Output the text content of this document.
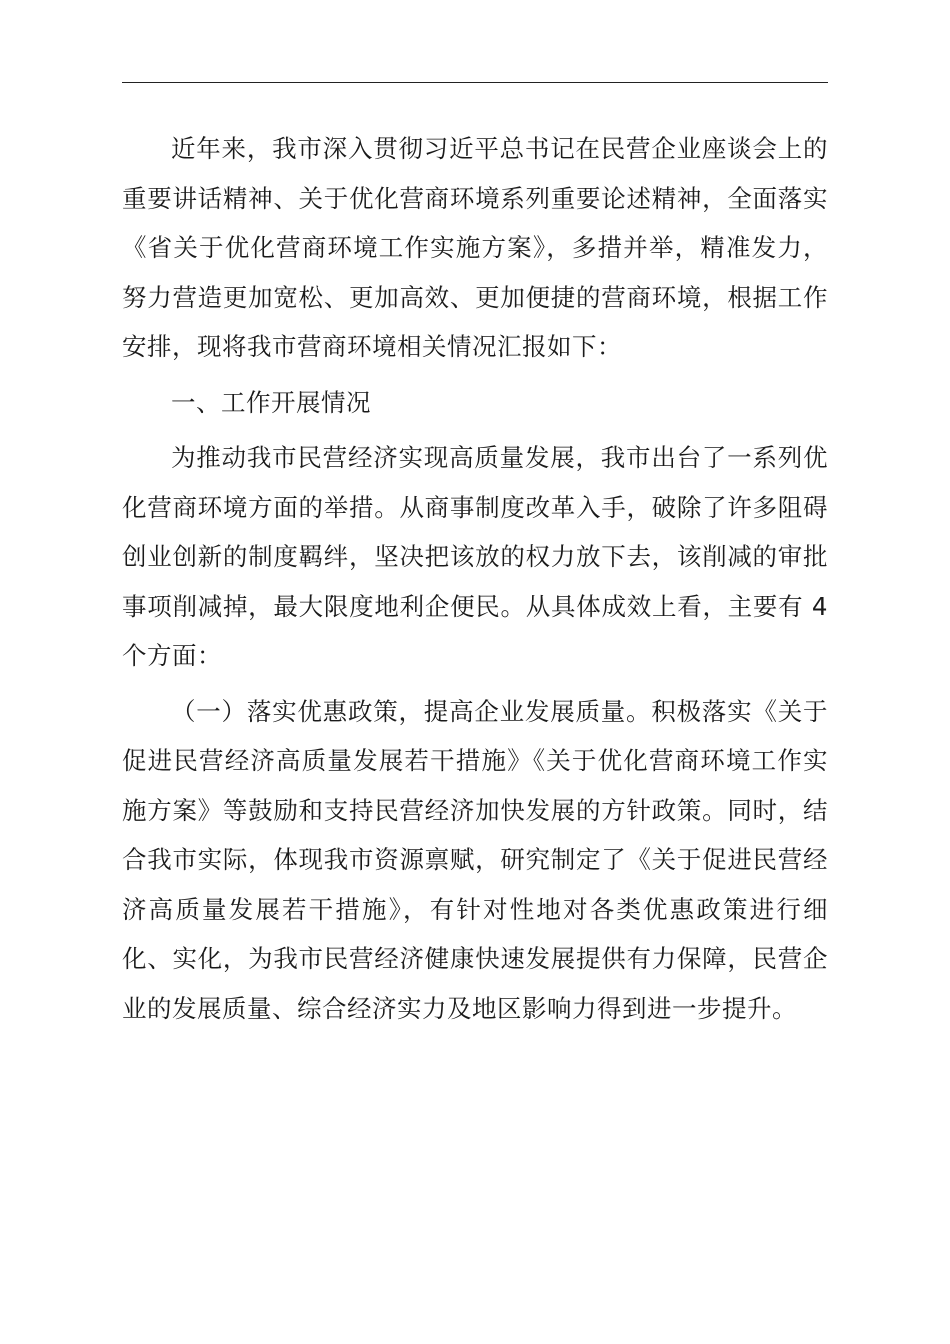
近年来，我市深入贯彻习近平总书记在民营企业座谈会上的重要讲话精神、关于优化营商环境系列重要论述精神，全面落实《省关于优化营商环境工作实施方案》，多措并举，精准发力，努力营造更加宽松、更加高效、更加便捷的营商环境，根据工作安排，现将我市营商环境相关情况汇报如下：

一、工作开展情况

为推动我市民营经济实现高质量发展，我市出台了一系列优化营商环境方面的举措。从商事制度改革入手，破除了许多阻碍创业创新的制度羁绊，坚决把该放的权力放下去，该削减的审批事项削减掉，最大限度地利企便民。从具体成效上看，主要有 4 个方面：

（一）落实优惠政策，提高企业发展质量。积极落实《关于促进民营经济高质量发展若干措施》《关于优化营商环境工作实施方案》等鼓励和支持民营经济加快发展的方针政策。同时，结合我市实际，体现我市资源禀赋，研究制定了《关于促进民营经济高质量发展若干措施》，有针对性地对各类优惠政策进行细化、实化，为我市民营经济健康快速发展提供有力保障，民营企业的发展质量、综合经济实力及地区影响力得到进一步提升。
